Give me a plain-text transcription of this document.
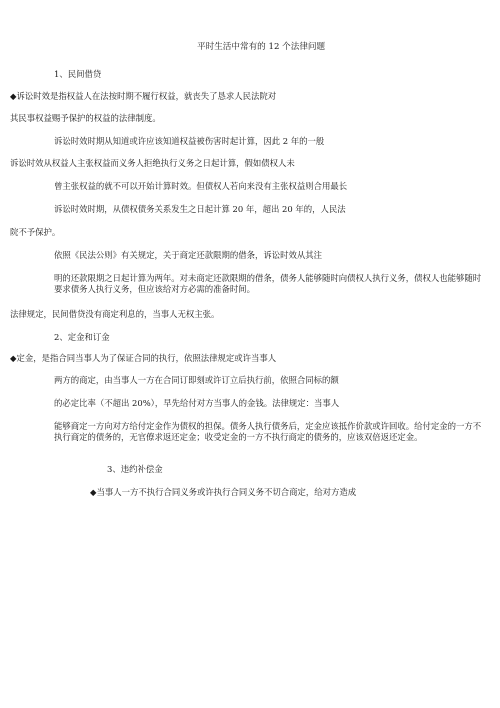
平时生活中常有的 12 个法律问题
1、民间借贷
◆诉讼时效是指权益人在法按时期不履行权益，就丧失了恳求人民法院对
其民事权益赐予保护的权益的法律制度。
诉讼时效时期从知道或许应该知道权益被伤害时起计算，因此 2 年的一般
诉讼时效从权益人主张权益而义务人拒绝执行义务之日起计算，假如债权人未
曾主张权益的就不可以开始计算时效。但债权人若向来没有主张权益则合用最长
诉讼时效时期，从债权债务关系发生之日起计算 20 年，超出 20 年的，人民法
院不予保护。
依照《民法公则》有关规定，关于商定还款限期的借条，诉讼时效从其注
明的还款限期之日起计算为两年。对未商定还款限期的借条，债务人能够随时向债权人执行义务，债权人也能够随时要求债务人执行义务，但应该给对方必需的准备时间。
法律规定，民间借贷没有商定利息的，当事人无权主张。
2、定金和订金
◆定金，是指合同当事人为了保证合同的执行，依照法律规定或许当事人
两方的商定，由当事人一方在合同订即刻或许订立后执行前，依照合同标的额
的必定比率（不超出 20%），早先给付对方当事人的金钱。法律规定：当事人
能够商定一方向对方给付定金作为债权的担保。债务人执行债务后，定金应该抵作价款或许回收。给付定金的一方不执行商定的债务的，无官僚求返还定金；收受定金的一方不执行商定的债务的，应该双倍返还定金。
3、违约补偿金
◆当事人一方不执行合同义务或许执行合同义务不切合商定，给对方造成
